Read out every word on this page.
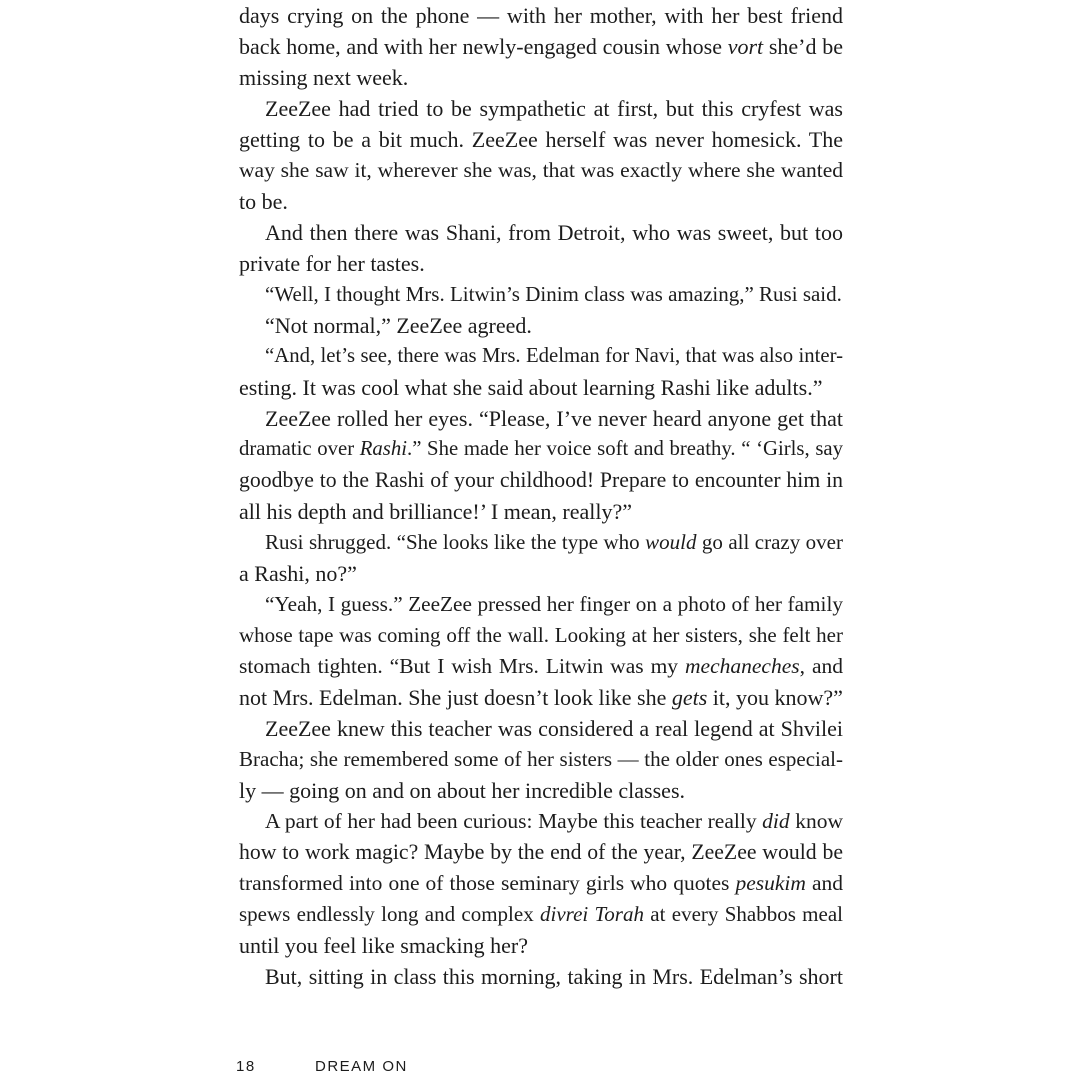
days crying on the phone — with her mother, with her best friend
back home, and with her newly-engaged cousin whose vort she’d be
missing next week.
ZeeZee had tried to be sympathetic at first, but this cryfest was
getting to be a bit much. ZeeZee herself was never homesick. The
way she saw it, wherever she was, that was exactly where she wanted
to be.
And then there was Shani, from Detroit, who was sweet, but too
private for her tastes.
“Well, I thought Mrs. Litwin’s Dinim class was amazing,” Rusi said.
“Not normal,” ZeeZee agreed.
“And, let’s see, there was Mrs. Edelman for Navi, that was also inter-
esting. It was cool what she said about learning Rashi like adults.”
ZeeZee rolled her eyes. “Please, I’ve never heard anyone get that
dramatic over Rashi.” She made her voice soft and breathy. “ ‘Girls, say
goodbye to the Rashi of your childhood! Prepare to encounter him in
all his depth and brilliance!’ I mean, really?”
Rusi shrugged. “She looks like the type who would go all crazy over
a Rashi, no?”
“Yeah, I guess.” ZeeZee pressed her finger on a photo of her family
whose tape was coming off the wall. Looking at her sisters, she felt her
stomach tighten. “But I wish Mrs. Litwin was my mechaneches, and
not Mrs. Edelman. She just doesn’t look like she gets it, you know?”
ZeeZee knew this teacher was considered a real legend at Shvilei
Bracha; she remembered some of her sisters — the older ones especial-
ly — going on and on about her incredible classes.
A part of her had been curious: Maybe this teacher really did know
how to work magic? Maybe by the end of the year, ZeeZee would be
transformed into one of those seminary girls who quotes pesukim and
spews endlessly long and complex divrei Torah at every Shabbos meal
until you feel like smacking her?
But, sitting in class this morning, taking in Mrs. Edelman’s short
18	DREAM ON
